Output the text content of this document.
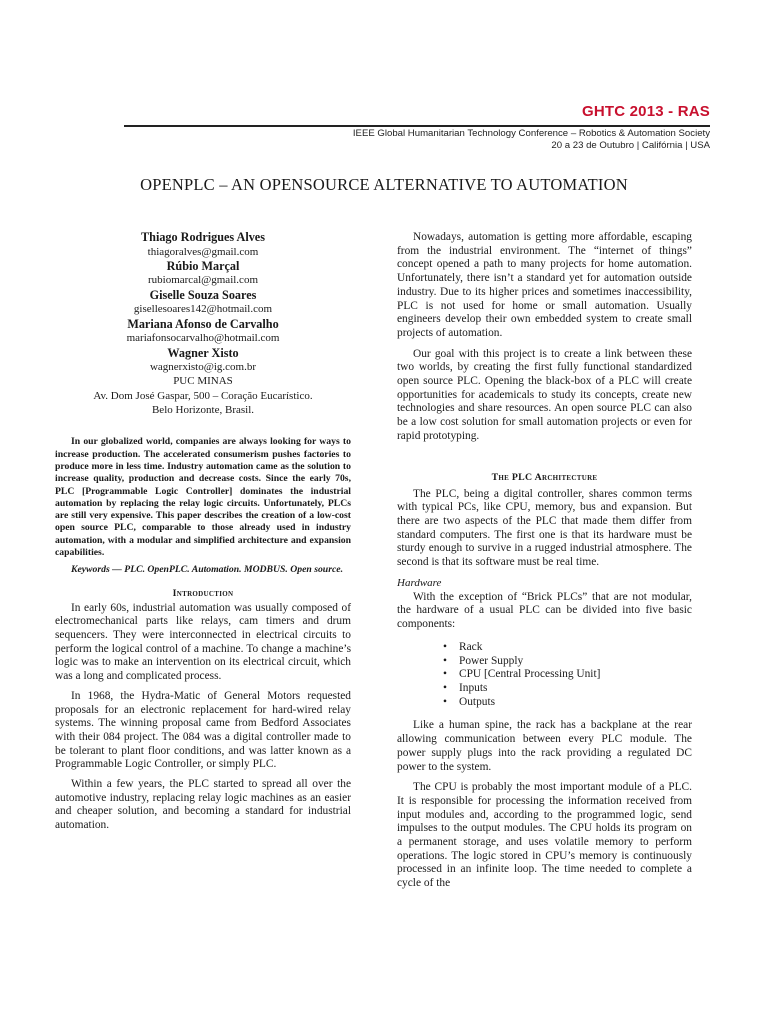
GHTC 2013 - RAS
IEEE Global Humanitarian Technology Conference – Robotics & Automation Society
20 a 23 de Outubro | Califórnia | USA
OPENPLC – AN OPENSOURCE ALTERNATIVE TO AUTOMATION
Thiago Rodrigues Alves
thiagoralves@gmail.com
Rúbio Marçal
rubiomarcal@gmail.com
Giselle Souza Soares
gisellesoares142@hotmail.com
Mariana Afonso de Carvalho
mariafonsocarvalho@hotmail.com
Wagner Xisto
wagnerxisto@ig.com.br
PUC MINAS
Av. Dom José Gaspar, 500 – Coração Eucarístico.
Belo Horizonte, Brasil.
In our globalized world, companies are always looking for ways to increase production. The accelerated consumerism pushes factories to produce more in less time. Industry automation came as the solution to increase quality, production and decrease costs. Since the early 70s, PLC [Programmable Logic Controller] dominates the industrial automation by replacing the relay logic circuits. Unfortunately, PLCs are still very expensive. This paper describes the creation of a low-cost open source PLC, comparable to those already used in industry automation, with a modular and simplified architecture and expansion capabilities.
Keywords — PLC. OpenPLC. Automation. MODBUS. Open source.
Introduction

In early 60s, industrial automation was usually composed of electromechanical parts like relays, cam timers and drum sequencers. They were interconnected in electrical circuits to perform the logical control of a machine. To change a machine’s logic was to make an intervention on its electrical circuit, which was a long and complicated process.

In 1968, the Hydra-Matic of General Motors requested proposals for an electronic replacement for hard-wired relay systems. The winning proposal came from Bedford Associates with their 084 project. The 084 was a digital controller made to be tolerant to plant floor conditions, and was latter known as a Programmable Logic Controller, or simply PLC.

Within a few years, the PLC started to spread all over the automotive industry, replacing relay logic machines as an easier and cheaper solution, and becoming a standard for industrial automation.

Nowadays, automation is getting more affordable, escaping from the industrial environment. The “internet of things” concept opened a path to many projects for home automation. Unfortunately, there isn’t a standard yet for automation outside industry. Due to its higher prices and sometimes inaccessibility, PLC is not used for home or small automation. Usually engineers develop their own embedded system to create small projects of automation.

Our goal with this project is to create a link between these two worlds, by creating the first fully functional standardized open source PLC. Opening the black-box of a PLC will create opportunities for academicals to study its concepts, create new technologies and share resources. An open source PLC can also be a low cost solution for small automation projects or even for rapid prototyping.

The PLC Architecture

The PLC, being a digital controller, shares common terms with typical PCs, like CPU, memory, bus and expansion. But there are two aspects of the PLC that made them differ from standard computers. The first one is that its hardware must be sturdy enough to survive in a rugged industrial atmosphere. The second is that its software must be real time.

Hardware

With the exception of “Brick PLCs” that are not modular, the hardware of a usual PLC can be divided into five basic components:

• Rack
• Power Supply
• CPU [Central Processing Unit]
• Inputs
• Outputs

Like a human spine, the rack has a backplane at the rear allowing communication between every PLC module. The power supply plugs into the rack providing a regulated DC power to the system.

The CPU is probably the most important module of a PLC. It is responsible for processing the information received from input modules and, according to the programmed logic, send impulses to the output modules. The CPU holds its program on a permanent storage, and uses volatile memory to perform operations. The logic stored in CPU’s memory is continuously processed in an infinite loop. The time needed to complete a cycle of the
